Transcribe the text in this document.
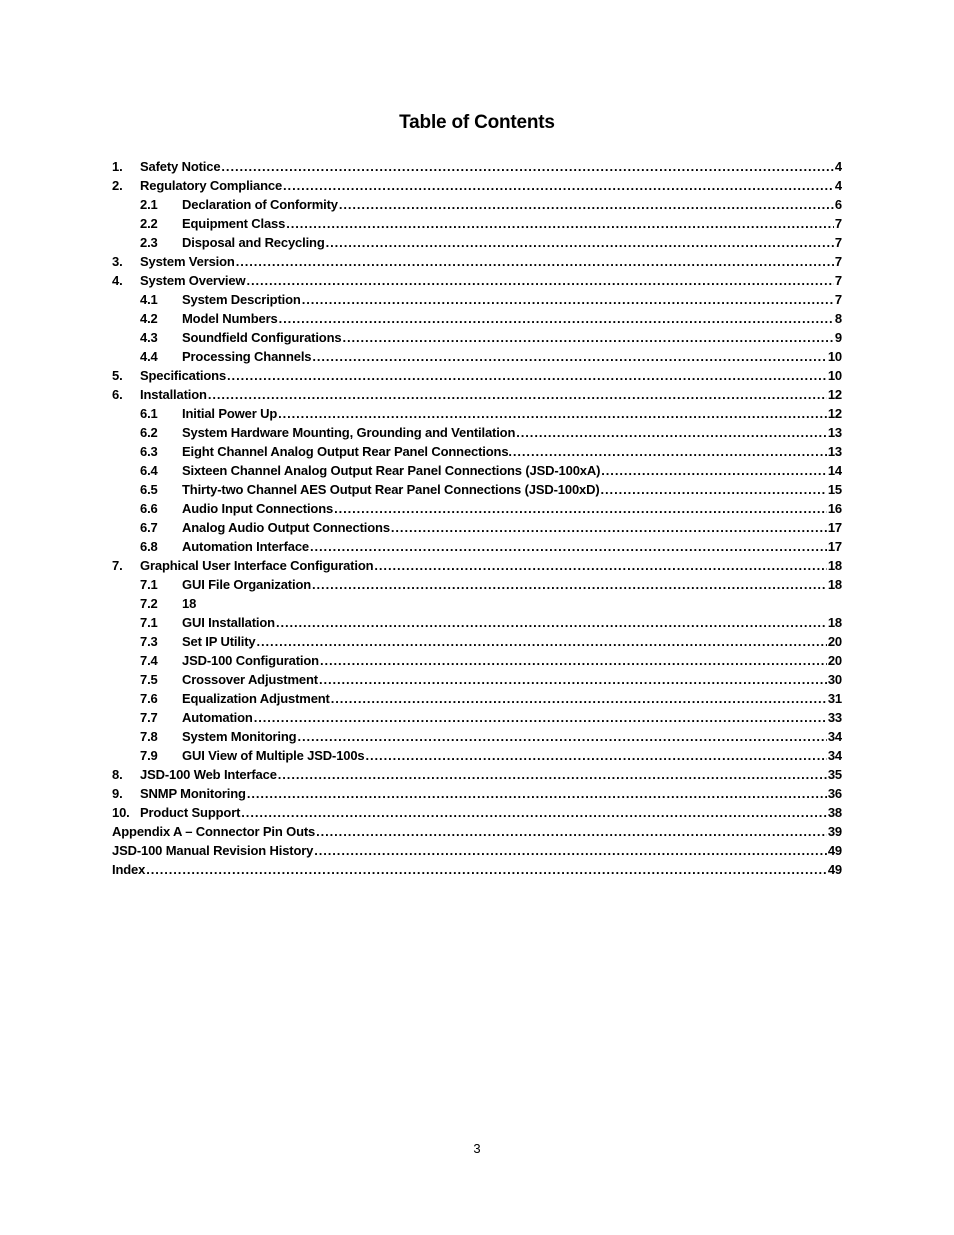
Table of Contents
1.	Safety Notice .....	4
2.	Regulatory Compliance .....	4
2.1	Declaration of Conformity .....	6
2.2	Equipment Class .....	7
2.3	Disposal and Recycling .....	7
3.	System Version .....	7
4.	System Overview .....	7
4.1	System Description .....	7
4.2	Model Numbers .....	8
4.3	Soundfield Configurations .....	9
4.4	Processing Channels .....	10
5.	Specifications .....	10
6.	Installation .....	12
6.1	Initial Power Up .....	12
6.2	System Hardware Mounting, Grounding and Ventilation .....	13
6.3	Eight Channel Analog Output Rear Panel Connections. .....	13
6.4	Sixteen Channel Analog Output Rear Panel Connections (JSD-100xA) .....	14
6.5	Thirty-two Channel AES Output Rear Panel Connections (JSD-100xD) .....	15
6.6	Audio Input Connections .....	16
6.7	Analog Audio Output Connections .....	17
6.8	Automation Interface .....	17
7.	Graphical User Interface Configuration .....	18
7.1	GUI File Organization .....	18
7.2	18
7.1	GUI Installation .....	18
7.3	Set IP Utility .....	20
7.4	JSD-100 Configuration .....	20
7.5	Crossover Adjustment .....	30
7.6	Equalization Adjustment .....	31
7.7	Automation .....	33
7.8	System Monitoring .....	34
7.9	GUI View of Multiple JSD-100s .....	34
8.	JSD-100 Web Interface .....	35
9.	SNMP Monitoring .....	36
10. Product Support .....	38
Appendix A – Connector Pin Outs .....	39
JSD-100 Manual Revision History .....	49
Index .....	49
3
